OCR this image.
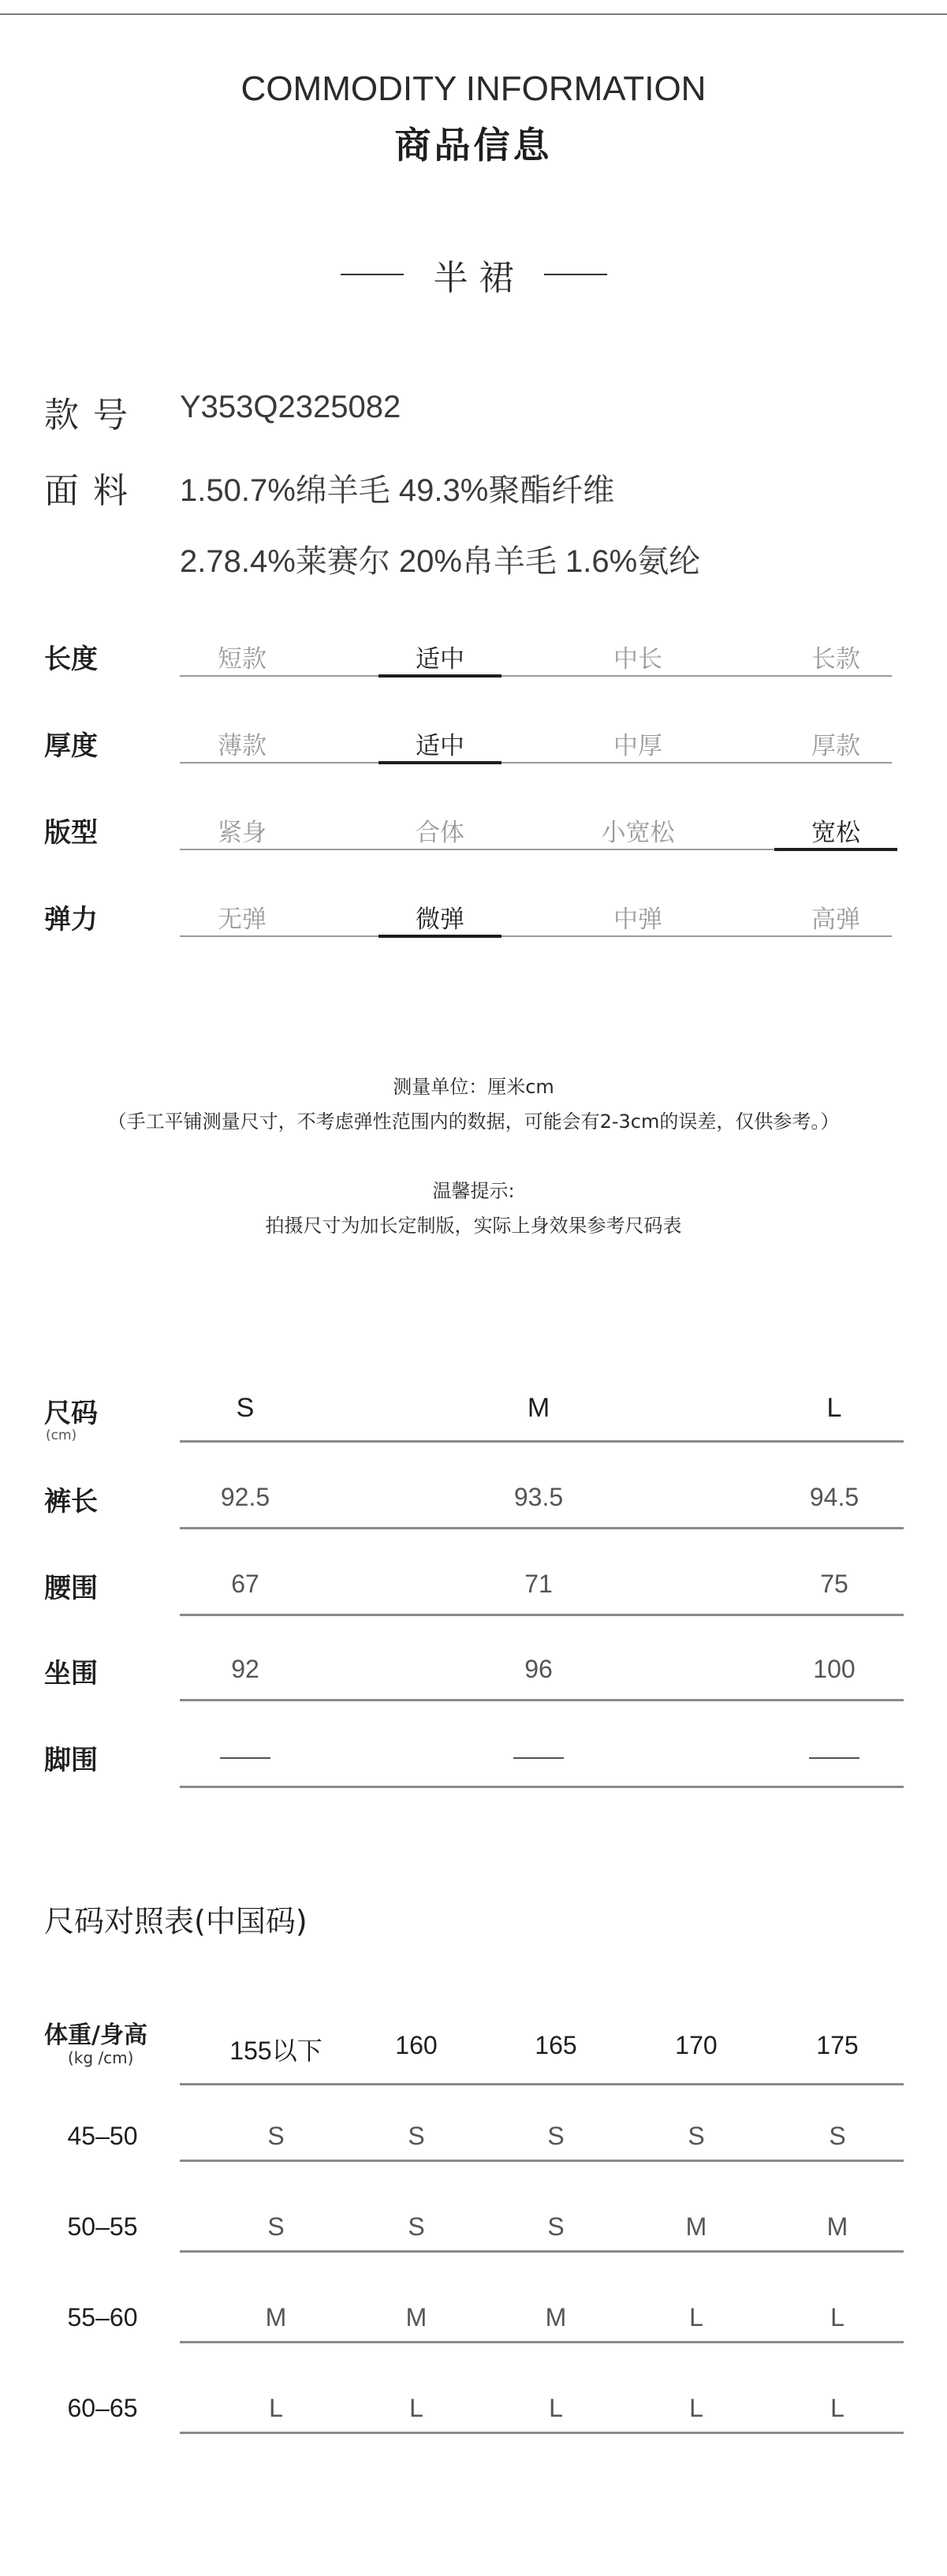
COMMODITY INFORMATION
商品信息
半裙
款号 Y353Q2325082
面料 1.50.7%绵羊毛 49.3%聚酯纤维
2.78.4%莱赛尔 20%帛羊毛 1.6%氨纶
长度	短款	适中	中长	长款
厚度	薄款	适中	中厚	厚款
版型	紧身	合体	小宽松	宽松
弹力	无弹	微弹	中弹	高弹
测量单位：厘米cm
（手工平铺测量尺寸，不考虑弹性范围内的数据，可能会有2-3cm的误差，仅供参考。）
温馨提示:
拍摄尺寸为加长定制版，实际上身效果参考尺码表
尺码
(cm)
S	M	L
裤长	92.5	93.5	94.5
腰围	67	71	75
坐围	92	96	100
脚围	——	——	——
尺码对照表(中国码)
体重/身高
(kg /cm)	155以下	160	165	170	175
45–50	S	S	S	S	S
50–55	S	S	S	M	M
55–60	M	M	M	L	L
60–65	L	L	L	L	L
